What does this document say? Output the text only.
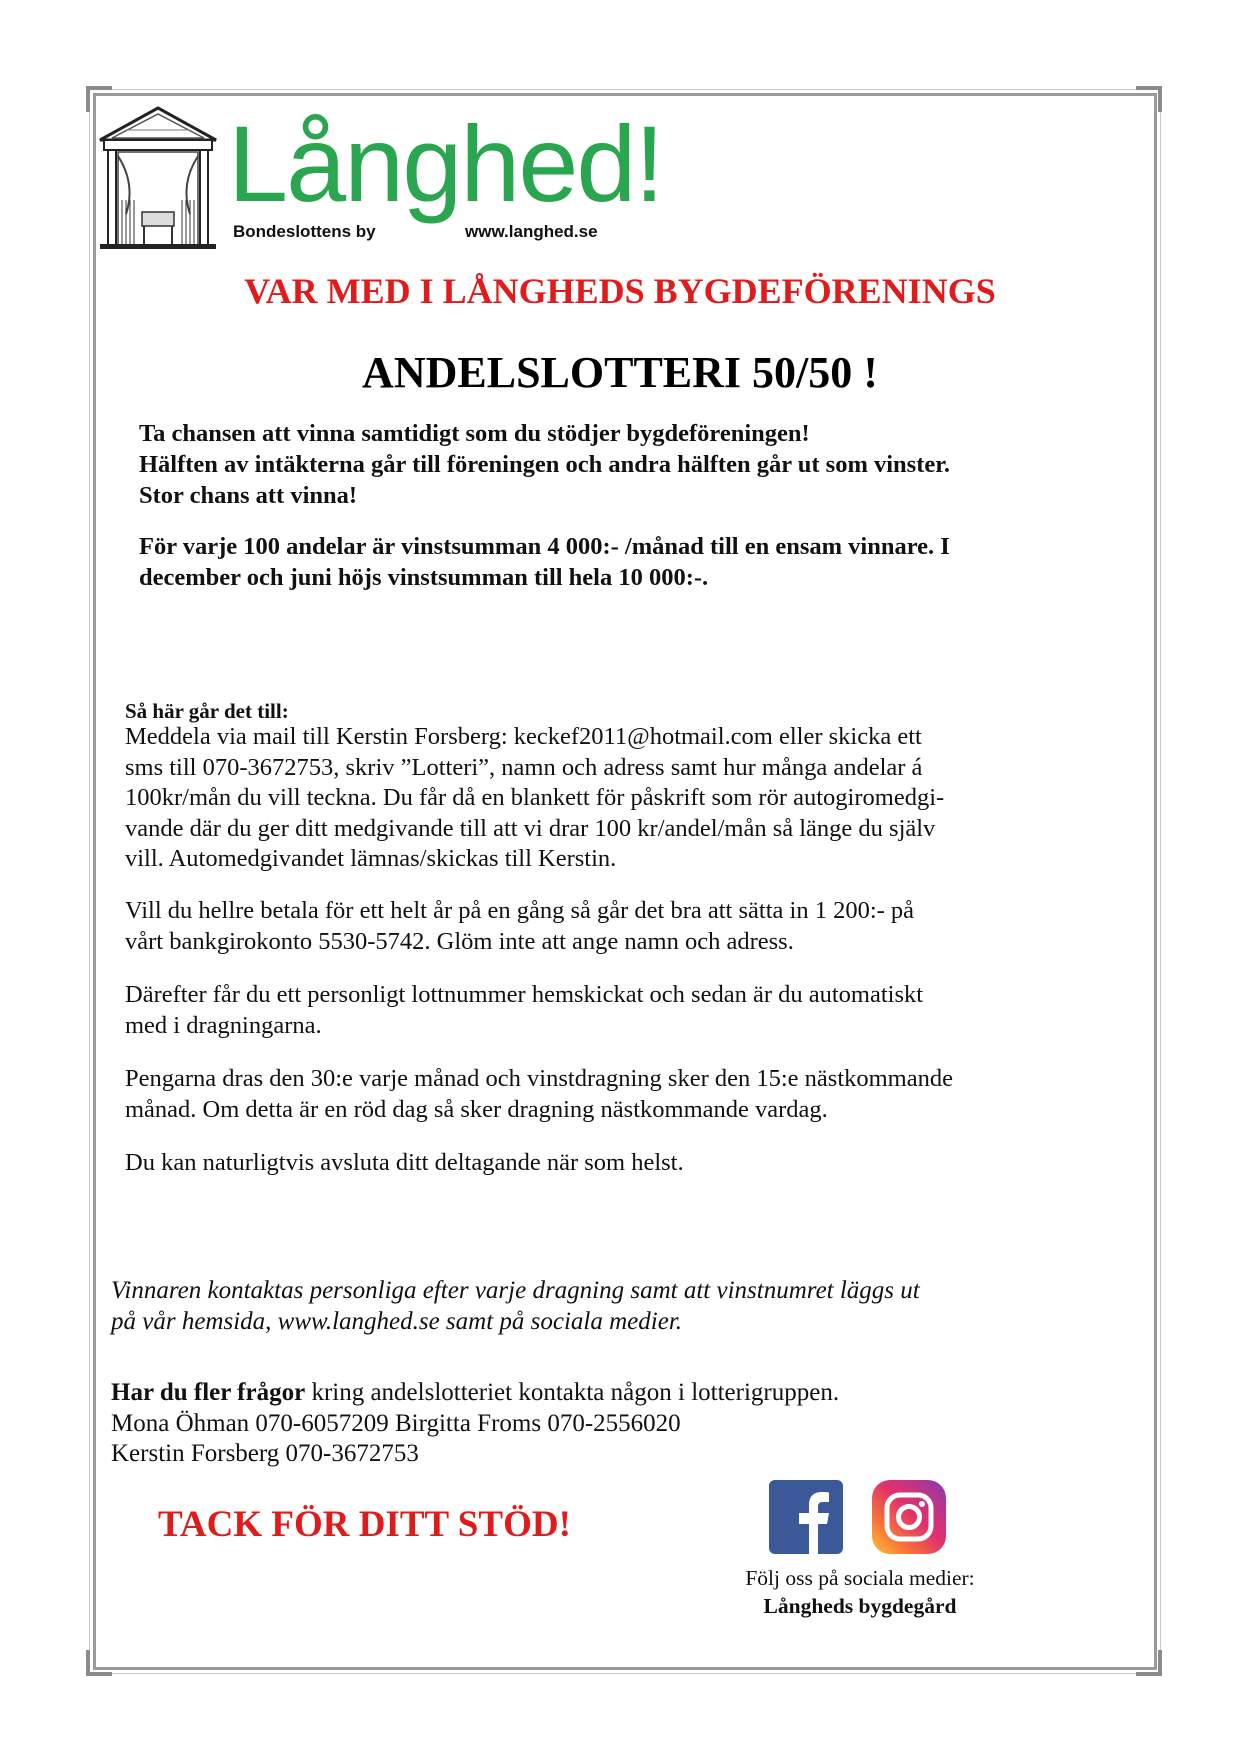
Långhed!
Bondeslottens by	www.langhed.se
VAR MED I LÅNGHEDS BYGDEFÖRENINGS
ANDELSLOTTERI 50/50 !
Ta chansen att vinna samtidigt som du stödjer bygdeföreningen!
Hälften av intäkterna går till föreningen och andra hälften går ut som vinster.
Stor chans att vinna!
För varje 100 andelar är vinstsumman 4 000:- /månad till en ensam vinnare. I
december och juni höjs vinstsumman till hela 10 000:-.
Så här går det till:
Meddela via mail till Kerstin Forsberg: keckef2011@hotmail.com eller skicka ett
sms till 070-3672753, skriv ”Lotteri”, namn och adress samt hur många andelar á
100kr/mån du vill teckna. Du får då en blankett för påskrift som rör autogiromedgi-
vande där du ger ditt medgivande till att vi drar 100 kr/andel/mån så länge du själv
vill. Automedgivandet lämnas/skickas till Kerstin.
Vill du hellre betala för ett helt år på en gång så går det bra att sätta in 1 200:- på
vårt bankgirokonto 5530-5742. Glöm inte att ange namn och adress.
Därefter får du ett personligt lottnummer hemskickat och sedan är du automatiskt
med i dragningarna.
Pengarna dras den 30:e varje månad och vinstdragning sker den 15:e nästkommande
månad. Om detta är en röd dag så sker dragning nästkommande vardag.
Du kan naturligtvis avsluta ditt deltagande när som helst.
Vinnaren kontaktas personliga efter varje dragning samt att vinstnumret läggs ut
på vår hemsida, www.langhed.se samt på sociala medier.
Har du fler frågor kring andelslotteriet kontakta någon i lotterigruppen.
Mona Öhman 070-6057209 Birgitta Froms 070-2556020
Kerstin Forsberg 070-3672753
TACK FÖR DITT STÖD!
Följ oss på sociala medier:
Långheds bygdegård
